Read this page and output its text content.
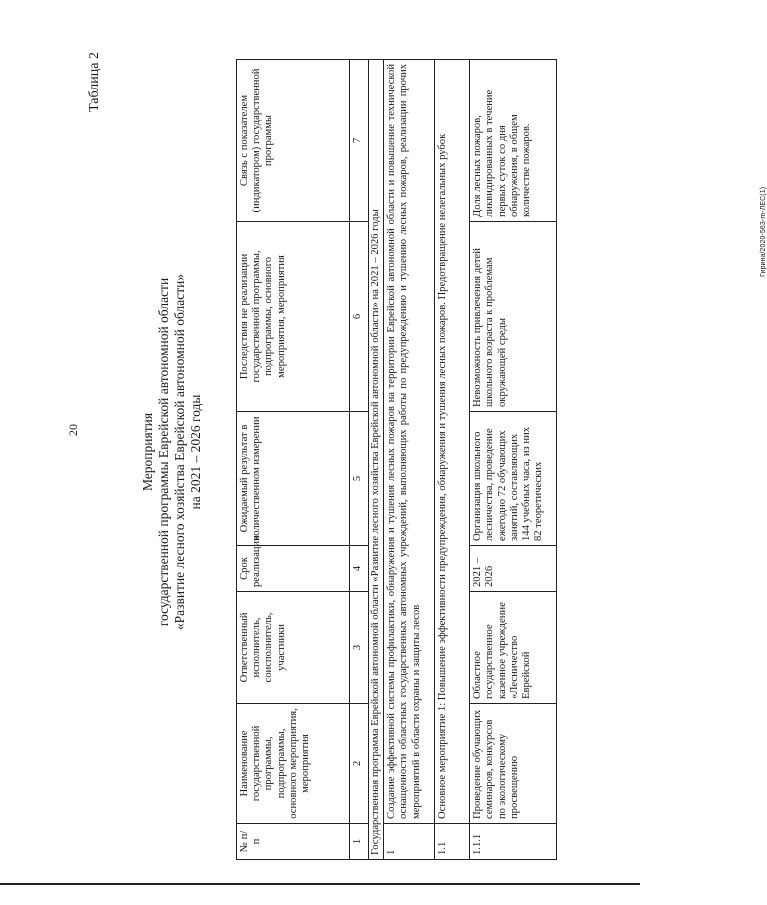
20
Таблица 2
Мероприятия государственной программы Еврейской автономной области «Развитие лесного хозяйства Еврейской автономной области» на 2021 – 2026 годы
№ п/п	Наименование государственной программы, подпрограммы, основного мероприятия, мероприятия	Ответственный исполнитель, соисполнитель, участники	Срок реализации	Ожидаемый результат в количественном измерении	Последствия не реализации государственной программы, подпрограммы, основного мероприятия, мероприятия	Связь с показателем (индикатором) государственной программы
1	2	3	4	5	6	7
Государственная программа Еврейской автономной области «Развитие лесного хозяйства Еврейской автономной области» на 2021 – 2026 годы						
1	Создание эффективной системы профилактики, обнаружения и тушения лесных пожаров на территории Еврейской автономной области и повышение технической оснащенности областных государственных автономных учреждений, выполняющих работы по предупреждению и тушению лесных пожаров, реализации прочих мероприятий в области охраны и защиты лесов					
1.1	Основное мероприятие 1: Повышение эффективности предупреждения, обнаружения и тушения лесных пожаров. Предотвращение нелегальных рубок					
1.1.1	Проведение обучающих семинаров, конкурсов по экологическому просвещению	Областное государственное казенное учреждение «Лесничество Еврейской	2021 – 2026	Организация школьного лесничества, проведение ежегодно 72 обучающих занятий, составляющих 144 учебных часа, из них 82 теоретических	Невозможность привлечения детей школьного возраста к проблемам окружающей среды	Доля лесных пожаров, ликвидированных в течение первых суток со дня обнаружения, в общем количестве пожаров.
Гирина/2020-563-m-ЛЕС(1)
